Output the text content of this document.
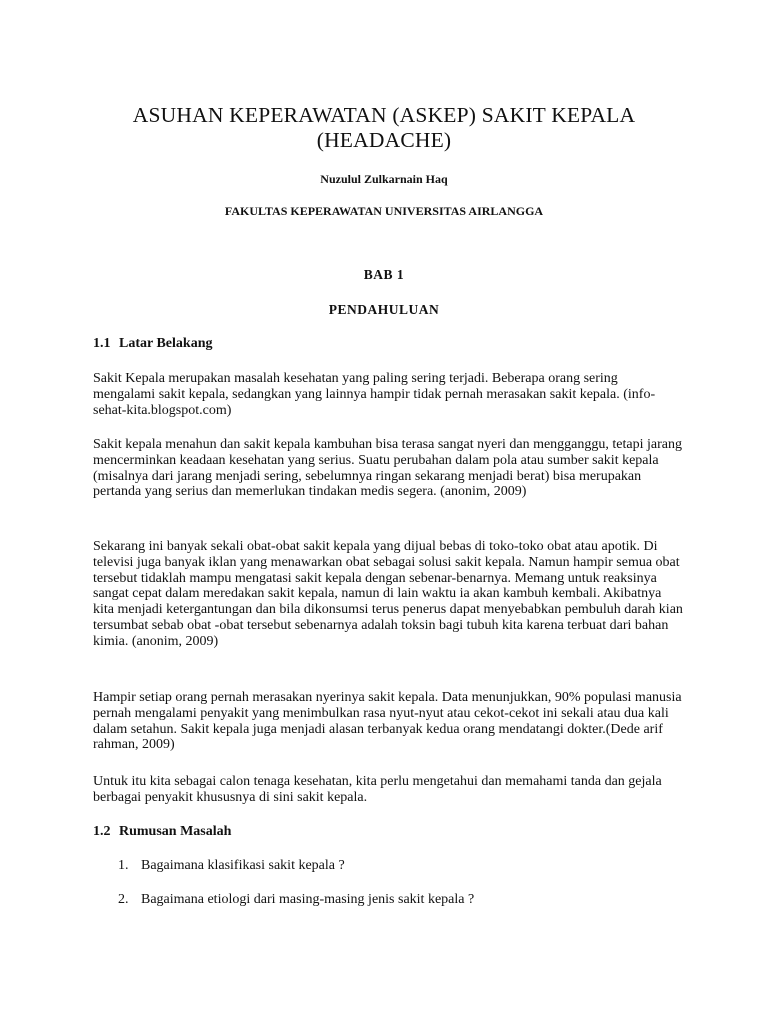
ASUHAN KEPERAWATAN (ASKEP) SAKIT KEPALA (HEADACHE)

Nuzulul Zulkarnain Haq

FAKULTAS KEPERAWATAN UNIVERSITAS AIRLANGGA

BAB 1

PENDAHULUAN

1.1 Latar Belakang

Sakit Kepala merupakan masalah kesehatan yang paling sering terjadi. Beberapa orang sering mengalami sakit kepala, sedangkan yang lainnya hampir tidak pernah merasakan sakit kepala. (info-sehat-kita.blogspot.com)

Sakit kepala menahun dan sakit kepala kambuhan bisa terasa sangat nyeri dan mengganggu, tetapi jarang mencerminkan keadaan kesehatan yang serius. Suatu perubahan dalam pola atau sumber sakit kepala (misalnya dari jarang menjadi sering, sebelumnya ringan sekarang menjadi berat) bisa merupakan pertanda yang serius dan memerlukan tindakan medis segera. (anonim, 2009)

Sekarang ini banyak sekali obat-obat sakit kepala yang dijual bebas di toko-toko obat atau apotik. Di televisi juga banyak iklan yang menawarkan obat sebagai solusi sakit kepala. Namun hampir semua obat tersebut tidaklah mampu mengatasi sakit kepala dengan sebenar-benarnya. Memang untuk reaksinya sangat cepat dalam meredakan sakit kepala, namun di lain waktu ia akan kambuh kembali. Akibatnya kita menjadi ketergantungan dan bila dikonsumsi terus penerus dapat menyebabkan pembuluh darah kian tersumbat sebab obat -obat tersebut sebenarnya adalah toksin bagi tubuh kita karena terbuat dari bahan kimia. (anonim, 2009)

Hampir setiap orang pernah merasakan nyerinya sakit kepala. Data menunjukkan, 90% populasi manusia pernah mengalami penyakit yang menimbulkan rasa nyut-nyut atau cekot-cekot ini sekali atau dua kali dalam setahun. Sakit kepala juga menjadi alasan terbanyak kedua orang mendatangi dokter.(Dede arif rahman, 2009)

Untuk itu kita sebagai calon tenaga kesehatan, kita perlu mengetahui dan memahami tanda dan gejala berbagai penyakit khususnya di sini sakit kepala.

1.2 Rumusan Masalah

1. Bagaimana klasifikasi sakit kepala ?

2. Bagaimana etiologi dari masing-masing jenis sakit kepala ?
